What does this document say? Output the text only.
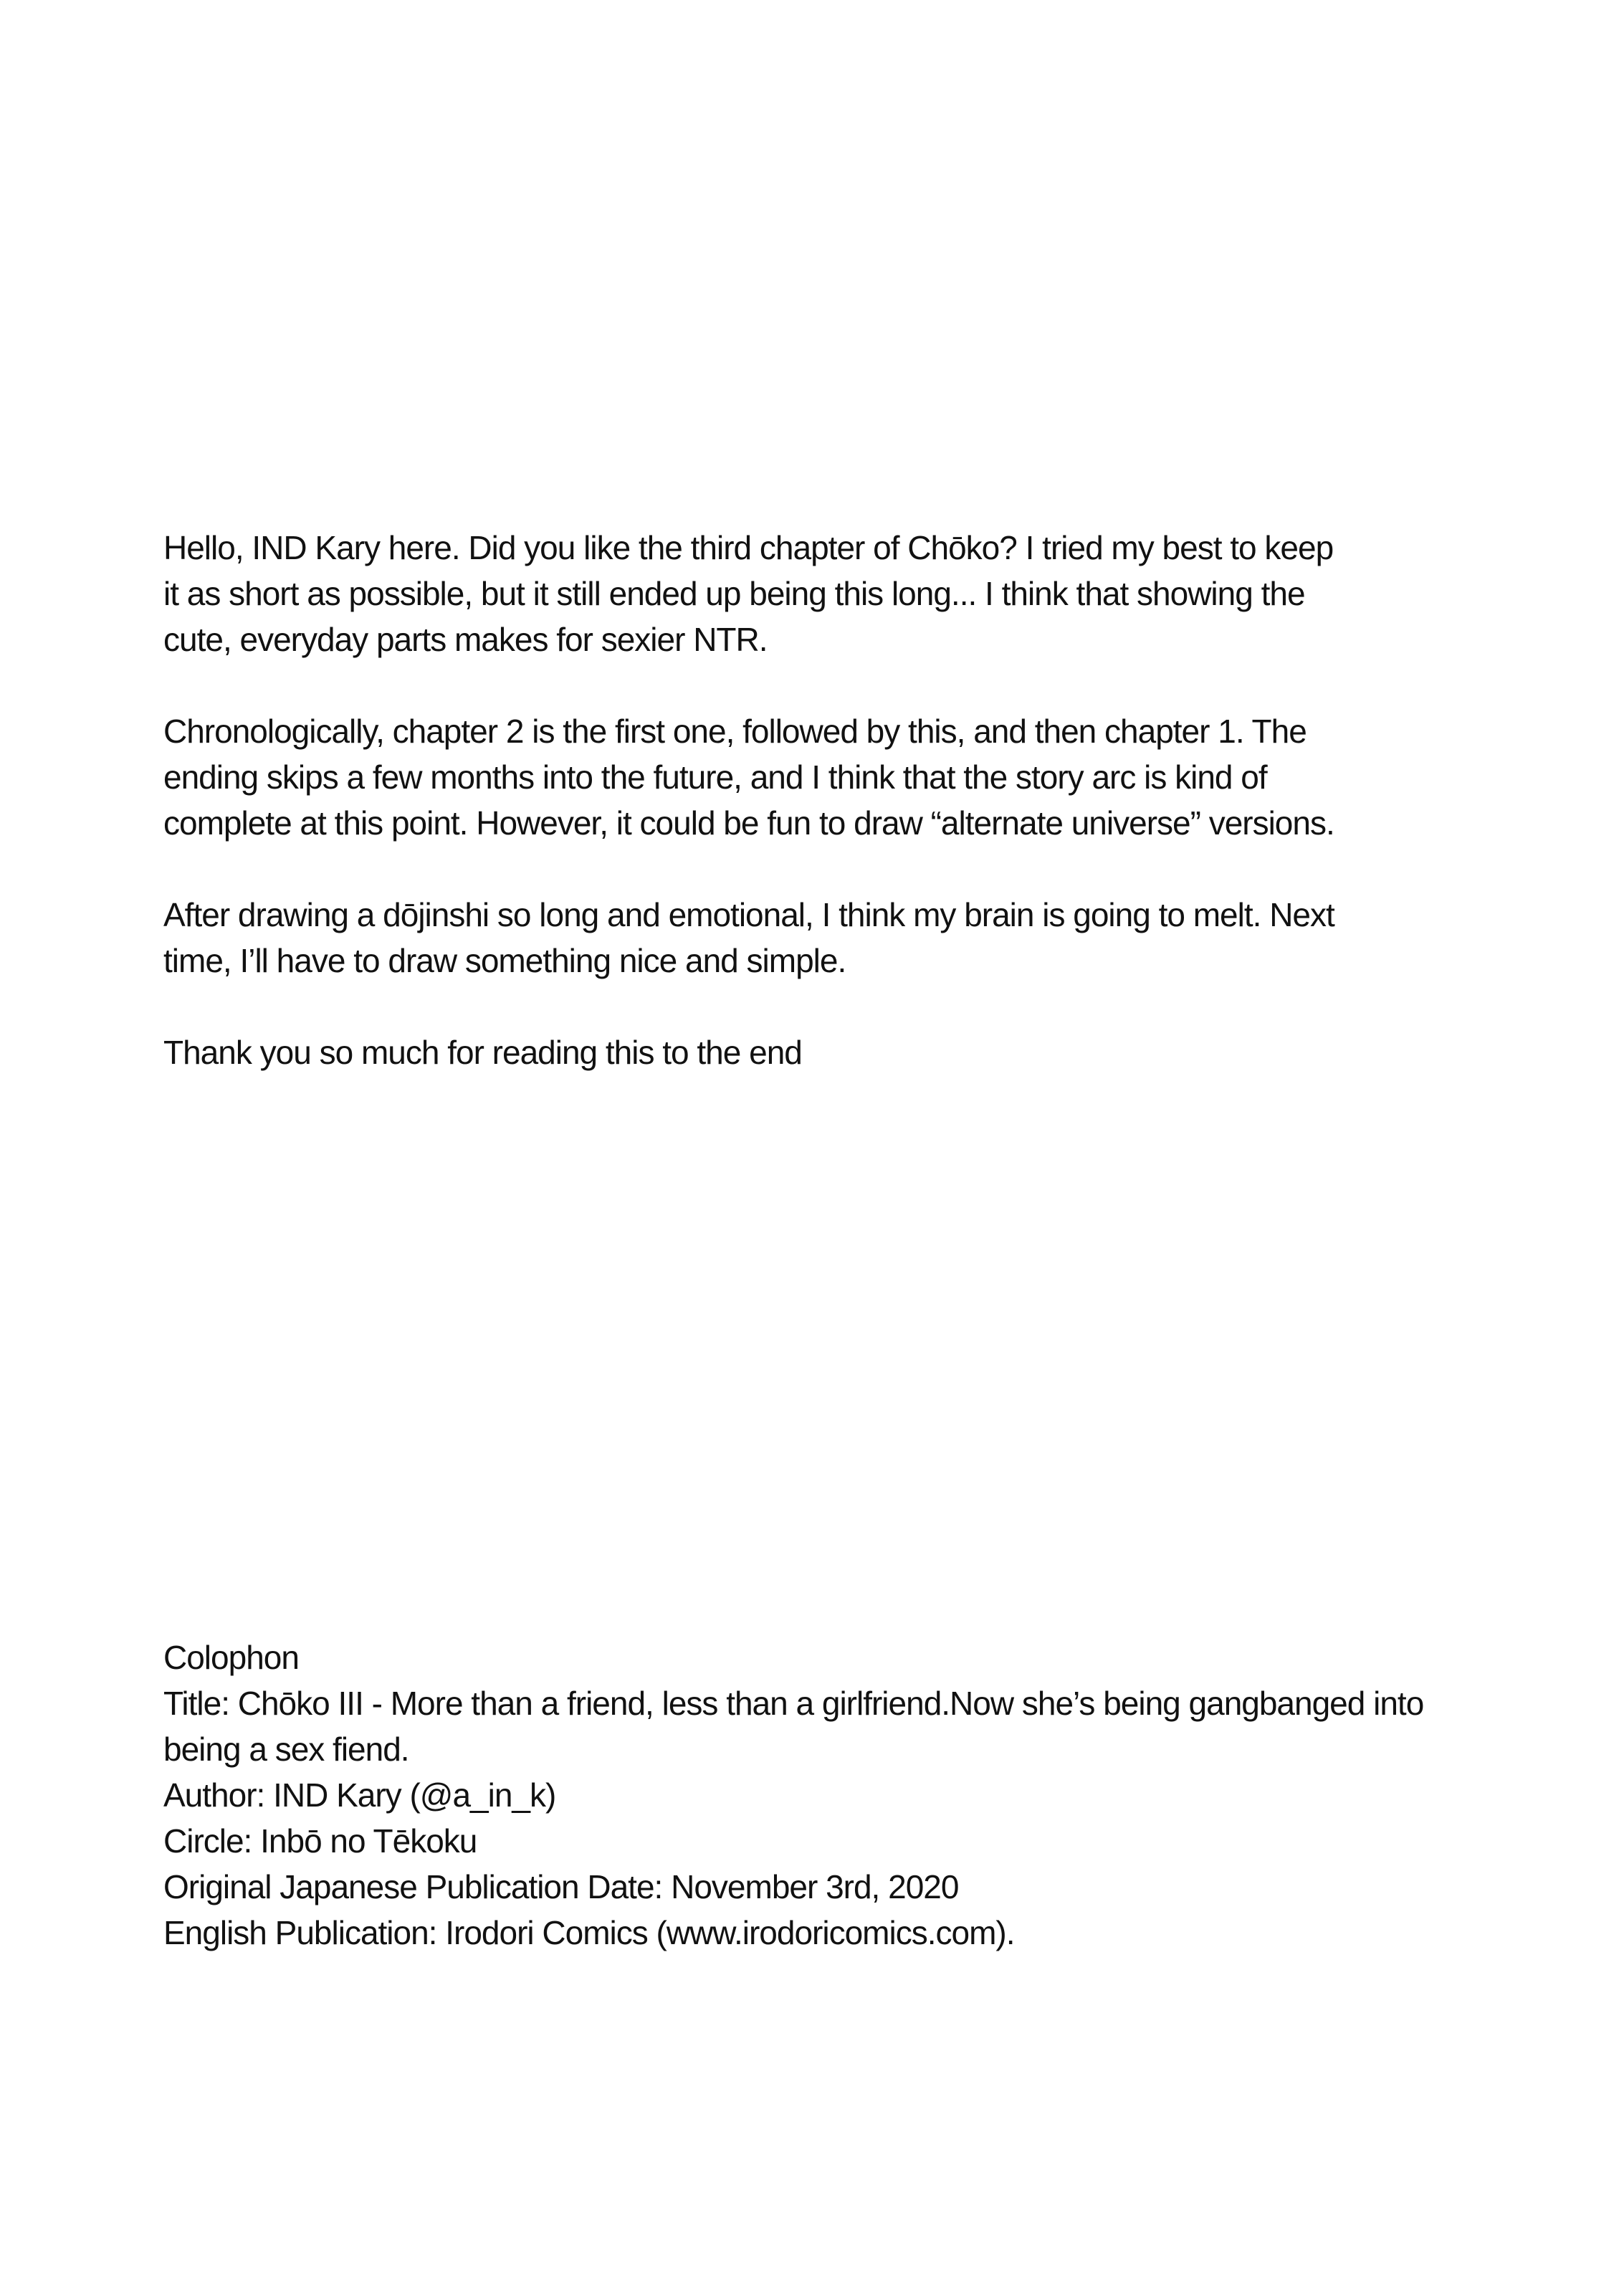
Hello, IND Kary here. Did you like the third chapter of Chōko? I tried my best to keep
it as short as possible, but it still ended up being this long... I think that showing the
cute, everyday parts makes for sexier NTR.

Chronologically, chapter 2 is the first one, followed by this, and then chapter 1. The
ending skips a few months into the future, and I think that the story arc is kind of
complete at this point. However, it could be fun to draw “alternate universe” versions.

After drawing a dōjinshi so long and emotional, I think my brain is going to melt. Next
time, I’ll have to draw something nice and simple.

Thank you so much for reading this to the end

Colophon
Title: Chōko III - More than a friend, less than a girlfriend.Now she’s being gangbanged into
being a sex fiend.
Author: IND Kary (@a_in_k)
Circle: Inbō no Tēkoku
Original Japanese Publication Date: November 3rd, 2020
English Publication: Irodori Comics (www.irodoricomics.com).
